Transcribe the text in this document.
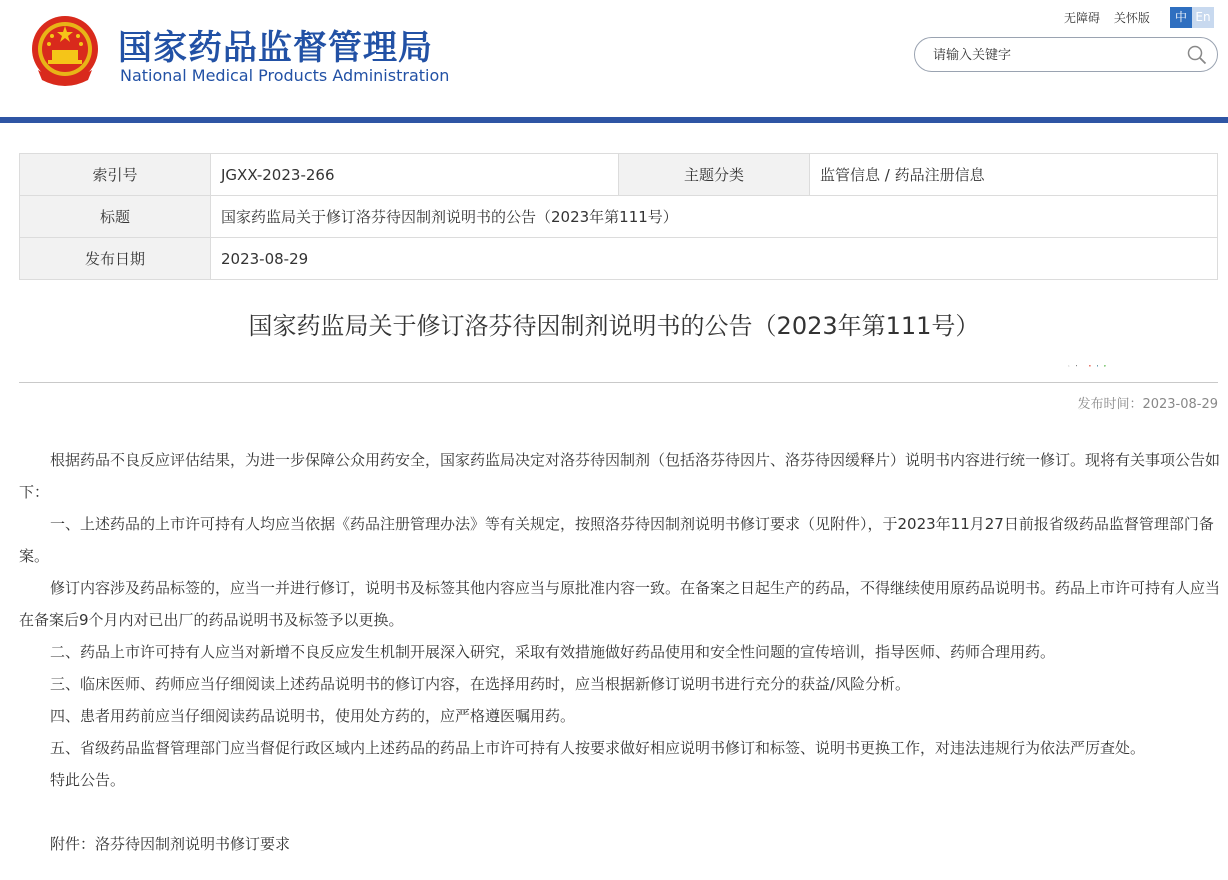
国家药品监督管理局
National Medical Products Administration
无障碍 关怀版	中 En
请输入关键字
索引号	JGXX-2023-266	主题分类	监管信息 / 药品注册信息
标题	国家药监局关于修订洛芬待因制剂说明书的公告（2023年第111号）		
发布日期	2023-08-29		
国家药监局关于修订洛芬待因制剂说明书的公告（2023年第111号）
发布时间：2023-08-29

根据药品不良反应评估结果，为进一步保障公众用药安全，国家药监局决定对洛芬待因制剂（包括洛芬待因片、洛芬待因缓释片）说明书内容进行统一修订。现将有关事项公告如下：

一、上述药品的上市许可持有人均应当依据《药品注册管理办法》等有关规定，按照洛芬待因制剂说明书修订要求（见附件），于2023年11月27日前报省级药品监督管理部门备案。

修订内容涉及药品标签的，应当一并进行修订，说明书及标签其他内容应当与原批准内容一致。在备案之日起生产的药品，不得继续使用原药品说明书。药品上市许可持有人应当在备案后9个月内对已出厂的药品说明书及标签予以更换。

二、药品上市许可持有人应当对新增不良反应发生机制开展深入研究，采取有效措施做好药品使用和安全性问题的宣传培训，指导医师、药师合理用药。

三、临床医师、药师应当仔细阅读上述药品说明书的修订内容，在选择用药时，应当根据新修订说明书进行充分的获益/风险分析。

四、患者用药前应当仔细阅读药品说明书，使用处方药的，应严格遵医嘱用药。

五、省级药品监督管理部门应当督促行政区域内上述药品的药品上市许可持有人按要求做好相应说明书修订和标签、说明书更换工作，对违法违规行为依法严厉查处。

特此公告。

附件：洛芬待因制剂说明书修订要求
